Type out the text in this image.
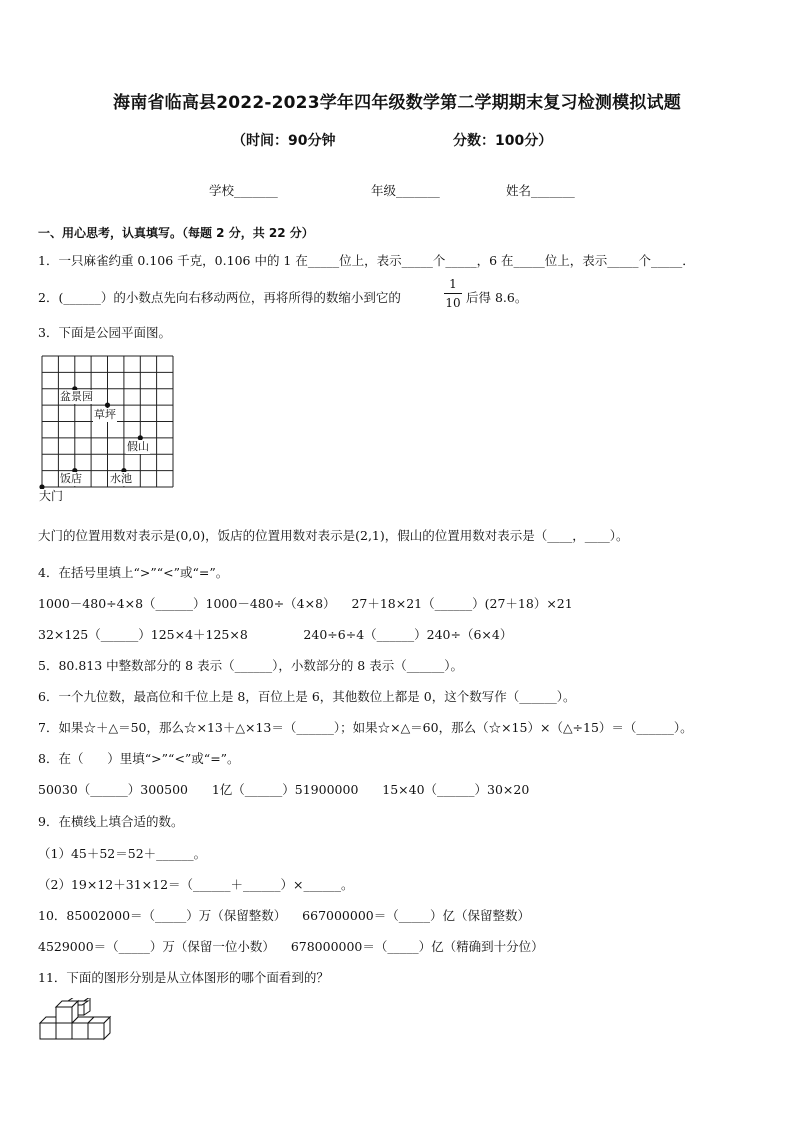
海南省临高县2022-2023学年四年级数学第二学期期末复习检测模拟试题
（时间：90分钟	分数：100分）
学校_______	年级_______	姓名_______
一、用心思考，认真填写。（每题 2 分，共 22 分）
1．一只麻雀约重 0.106 千克，0.106 中的 1 在_____位上，表示_____个_____，6 在_____位上，表示_____个_____．
2．(______）的小数点先向右移动两位，再将所得的数缩小到它的
1
10 后得 8.6。
3．下面是公园平面图。
盆景园
草坪
假山
饭店	水池
大门
大门的位置用数对表示是(0,0)，饭店的位置用数对表示是(2,1)，假山的位置用数对表示是（____，____）。
4．在括号里填上“>”“<”或“=”。
1000－480÷4×8（______）1000－480÷（4×8）    27＋18×21（______）(27＋18）×21
32×125（______）125×4＋125×8              240÷6÷4（______）240÷（6×4）
5．80.813 中整数部分的 8 表示（______），小数部分的 8 表示（______）。
6．一个九位数，最高位和千位上是 8，百位上是 6，其他数位上都是 0，这个数写作（______）。
7．如果☆＋△＝50，那么☆×13＋△×13＝（______）；如果☆×△＝60，那么（☆×15）×（△÷15）＝（______）。
8．在（      ）里填“>”“<”或“=”。
50030（______）300500      1亿（______）51900000      15×40（______）30×20
9．在横线上填合适的数。
（1）45＋52＝52＋______。
（2）19×12＋31×12＝（______＋______）×______。
10．85002000＝（_____）万（保留整数）    667000000＝（_____）亿（保留整数）
4529000＝（_____）万（保留一位小数）    678000000＝（_____）亿（精确到十分位）
11．下面的图形分别是从立体图形的哪个面看到的？
